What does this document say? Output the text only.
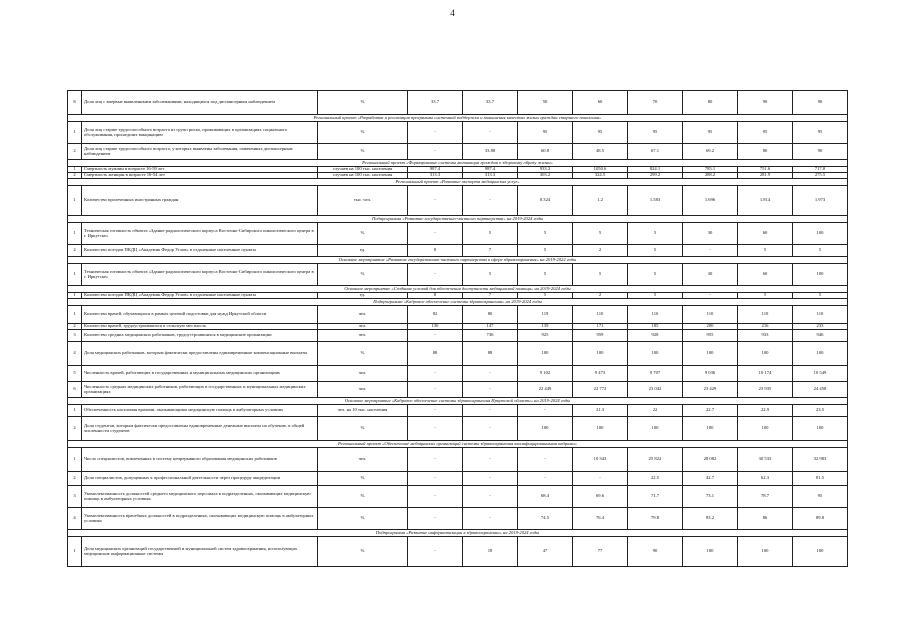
4
8	Доля лиц с впервые выявленными заболеваниями, находящихся под диспансерным наблюдением	%	33.7	33.7	50	60	70	80	90	90
Региональный проект «Разработка и реализация программы системной поддержки и повышения качества жизни граждан старшего поколения»										
1	Доля лиц старше трудоспособного возраста из групп риска, проживающих в организациях социального обслуживания, прошедших вакцинацию	%	-	-	95	95	95	95	95	95
2	Доля лиц старше трудоспособного возраста, у которых выявлены заболевания, охваченных диспансерным наблюдением	%	-	33.88	60.8	48.5	67.1	69.2	80	90
Региональный проект «Формирование системы мотивации граждан к здоровому образу жизни»										
1	Смертность мужчин в возрасте 16-59 лет	случаев на 100 тыс. населения	987.4	987.4	933.3	1050.6	824.1	785.1	751.6	717.8
2	Смертность женщин в возрасте 16-54 лет	случаев на 100 тыс. населения	313.3	313.3	303.2	324.5	299.2	288.2	281.9	275.5
Региональный проект «Развитие экспорта медицинских услуг»										
1	Количество пролеченных иностранных граждан	тыс. чел.	-	-	0.324	1.2	1.583	1.696	1.814	1.973
Подпрограмма «Развитие государственно-частного партнерства» на 2019-2024 годы										
1	Техническая готовность объекта «Здание радиологического корпуса Восточно-Сибирского онкологического центра в г. Иркутске»	%	-	5	5	5	5	30	60	100
2	Количество поездов ПКДЦ «Академик Федор Углов» в отдаленные населенные пункты	ед.	8	7	5	2	5	-	5	5
Основное мероприятие «Развитие государственно-частного партнерства в сфере здравоохранения» на 2019-2022 годы										
1	Техническая готовность объекта «Здание радиологического корпуса Восточно-Сибирского онкологического центра в г. Иркутске»	%	-	5	5	5	5	30	60	100
Основное мероприятие «Создание условий для обеспечения доступности медицинской помощи» на 2019-2024 годы										
1	Количество поездов ПКДЦ «Академик Федор Углов» в отдаленные населенные пункты	ед.	8	7	5	2	5	-	5	5
Подпрограмма «Кадровое обеспечение системы здравоохранения» на 2019-2024 годы										
1	Количество врачей, обучающихся в рамках целевой подготовки для нужд Иркутской области	чел.	82	80	119	110	110	110	110	110
2	Количество врачей, трудоустроившихся в сельскую местность	чел.	136	147	139	171	185	200	216	233
3	Количество средних медицинских работников, трудоустроившихся в медицинские организации	чел.	-	736	925	959	928	955	933	946
4	Доля медицинских работников, которым фактически предоставлены единовременные компенсационные выплаты	%	88	88	100	100	100	100	100	100
5	Численность врачей, работающих в государственных и муниципальных медицинских организациях	чел.	-	-	9 102	9 473	9 707	9 036	10 174	10 549
6	Численность средних медицинских работников, работающих в государственных и муниципальных медицинских организациях	чел.	-	-	22 449	22 772	23 042	23 429	23 935	24 458
Основное мероприятие «Кадровое обеспечение системы здравоохранения Иркутской области» на 2019-2024 годы										
1	Обеспеченность населения врачами, оказывающими медицинскую помощь в амбулаторных условиях	чел. на 10 тыс. населения	-	-	-	21.3	22	22.7	22.9	23.5
2	Доля студентов, которым фактически предоставлены единовременные денежные выплаты на обучение, в общей численности студентов	%	-	-	100	100	100	100	100	100
Региональный проект «Обеспечение медицинских организаций системы здравоохранения квалифицированными кадрами»										
1	Число специалистов, вовлеченных в систему непрерывного образования медицинских работников	чел.	-	-	-	10 343	25 822	28 082	30 533	32 983
2	Доля специалистов, допущенных к профессиональной деятельности через процедуру аккредитации	%	-	-	-	-	22.5	42.7	62.3	81.5
3	Укомплектованность должностей среднего медицинского персонала в подразделениях, оказывающих медицинскую помощь в амбулаторных условиях	%	-	-	68.4	69.6	71.7	73.1	78.7	95
4	Укомплектованность врачебных должностей в подразделениях, оказывающих медицинскую помощь в амбулаторных условиях	%	-	-	74.5	76.4	79.8	83.2	86	89.8
Подпрограмма «Развитие информатизации в здравоохранении» на 2019-2024 годы										
1	Доля медицинских организаций государственной и муниципальной систем здравоохранения, использующих медицинские информационные системы	%	-	18	47	77	90	100	100	100
